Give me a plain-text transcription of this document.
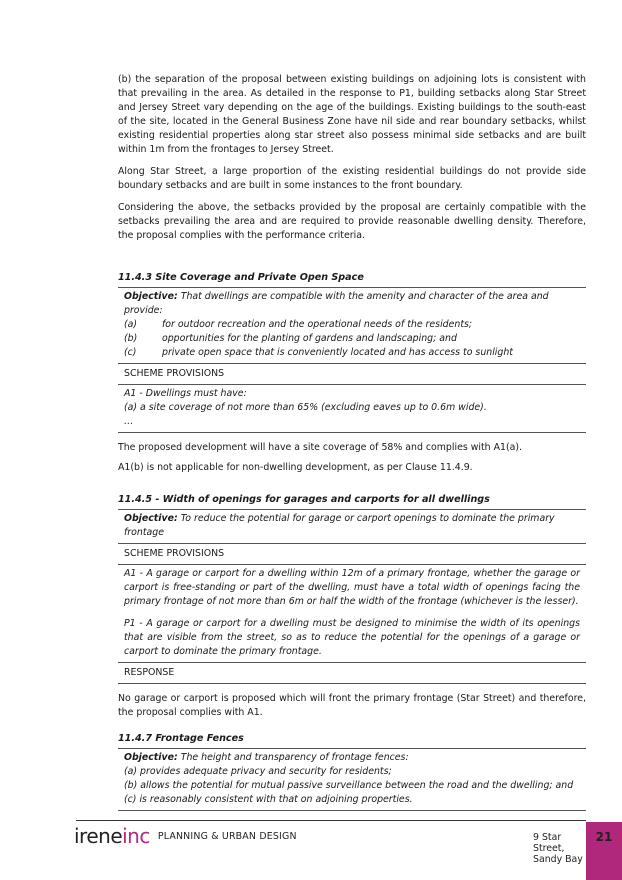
(b) the separation of the proposal between existing buildings on adjoining lots is consistent with that prevailing in the area. As detailed in the response to P1, building setbacks along Star Street and Jersey Street vary depending on the age of the buildings. Existing buildings to the south-east of the site, located in the General Business Zone have nil side and rear boundary setbacks, whilst existing residential properties along star street also possess minimal side setbacks and are built within 1m from the frontages to Jersey Street.

Along Star Street, a large proportion of the existing residential buildings do not provide side boundary setbacks and are built in some instances to the front boundary.

Considering the above, the setbacks provided by the proposal are certainly compatible with the setbacks prevailing the area and are required to provide reasonable dwelling density. Therefore, the proposal complies with the performance criteria.

11.4.3 Site Coverage and Private Open Space
Objective: That dwellings are compatible with the amenity and character of the area and provide:
(a)	for outdoor recreation and the operational needs of the residents;
(b)	opportunities for the planting of gardens and landscaping; and
(c)	private open space that is conveniently located and has access to sunlight
SCHEME PROVISIONS
A1 - Dwellings must have:
(a) a site coverage of not more than 65% (excluding eaves up to 0.6m wide).
…

The proposed development will have a site coverage of 58% and complies with A1(a).

A1(b) is not applicable for non-dwelling development, as per Clause 11.4.9.

11.4.5 - Width of openings for garages and carports for all dwellings
Objective: To reduce the potential for garage or carport openings to dominate the primary frontage
SCHEME PROVISIONS
A1 - A garage or carport for a dwelling within 12m of a primary frontage, whether the garage or carport is free-standing or part of the dwelling, must have a total width of openings facing the primary frontage of not more than 6m or half the width of the frontage (whichever is the lesser).
P1 - A garage or carport for a dwelling must be designed to minimise the width of its openings that are visible from the street, so as to reduce the potential for the openings of a garage or carport to dominate the primary frontage.
RESPONSE

No garage or carport is proposed which will front the primary frontage (Star Street) and therefore, the proposal complies with A1.

11.4.7 Frontage Fences
Objective: The height and transparency of frontage fences:
(a) provides adequate privacy and security for residents;
(b) allows the potential for mutual passive surveillance between the road and the dwelling; and
(c) is reasonably consistent with that on adjoining properties.
ireneinc PLANNING & URBAN DESIGN	9 Star Street, Sandy Bay
21
